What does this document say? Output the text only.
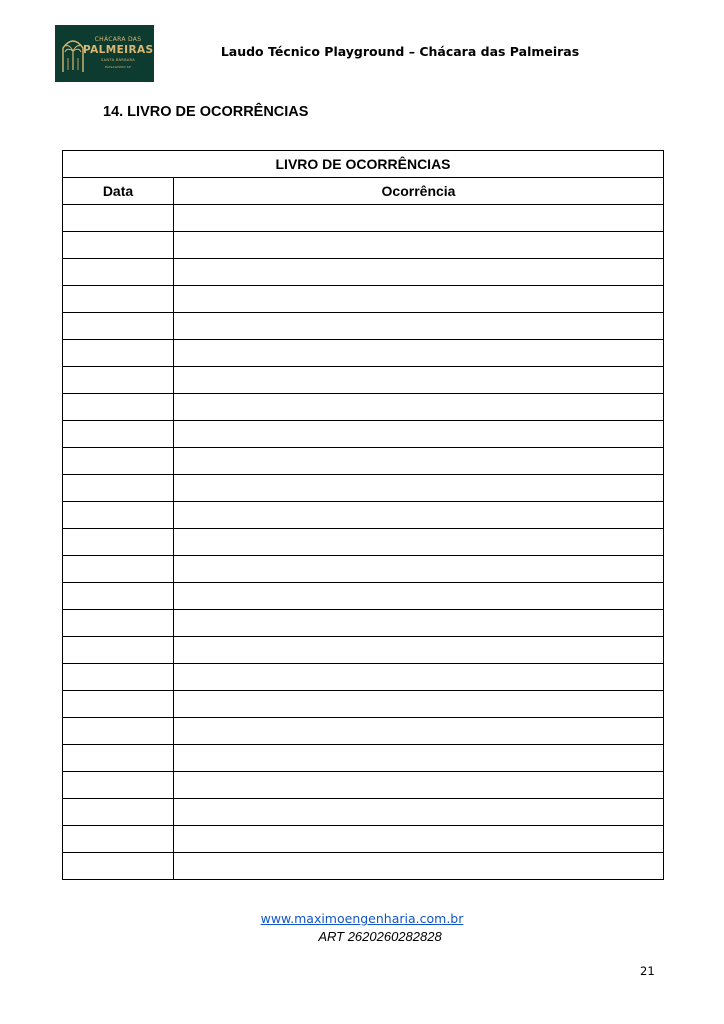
CHÁCARA DAS
PALMEIRAS
SANTA BÁRBARA
PAISAGISMO SP
Laudo Técnico Playground – Chácara das Palmeiras
14. LIVRO DE OCORRÊNCIAS
LIVRO DE OCORRÊNCIAS	
Data	Ocorrência

www.maximoengenharia.com.br
ART 2620260282828
21
